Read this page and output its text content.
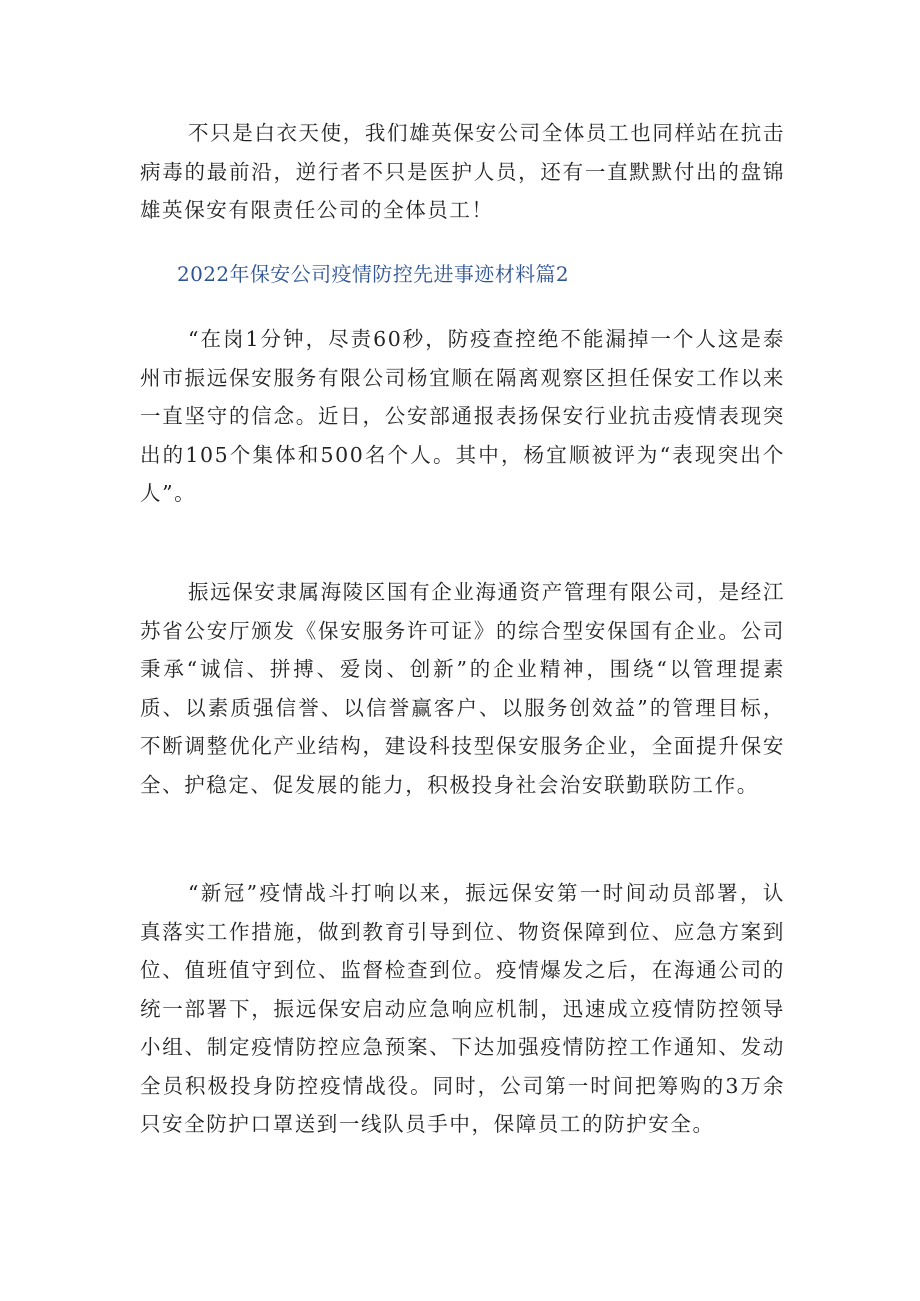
不只是白衣天使，我们雄英保安公司全体员工也同样站在抗击病毒的最前沿，逆行者不只是医护人员，还有一直默默付出的盘锦雄英保安有限责任公司的全体员工！

2022年保安公司疫情防控先进事迹材料篇2

“在岗1分钟，尽责60秒，防疫查控绝不能漏掉一个人这是泰州市振远保安服务有限公司杨宜顺在隔离观察区担任保安工作以来一直坚守的信念。近日，公安部通报表扬保安行业抗击疫情表现突出的105个集体和500名个人。其中，杨宜顺被评为“表现突出个人”。

振远保安隶属海陵区国有企业海通资产管理有限公司，是经江苏省公安厅颁发《保安服务许可证》的综合型安保国有企业。公司秉承“诚信、拼搏、爱岗、创新”的企业精神，围绕“以管理提素质、以素质强信誉、以信誉赢客户、以服务创效益”的管理目标，不断调整优化产业结构，建设科技型保安服务企业，全面提升保安全、护稳定、促发展的能力，积极投身社会治安联勤联防工作。

“新冠”疫情战斗打响以来，振远保安第一时间动员部署，认真落实工作措施，做到教育引导到位、物资保障到位、应急方案到位、值班值守到位、监督检查到位。疫情爆发之后，在海通公司的统一部署下，振远保安启动应急响应机制，迅速成立疫情防控领导小组、制定疫情防控应急预案、下达加强疫情防控工作通知、发动全员积极投身防控疫情战役。同时，公司第一时间把筹购的3万余只安全防护口罩送到一线队员手中，保障员工的防护安全。
